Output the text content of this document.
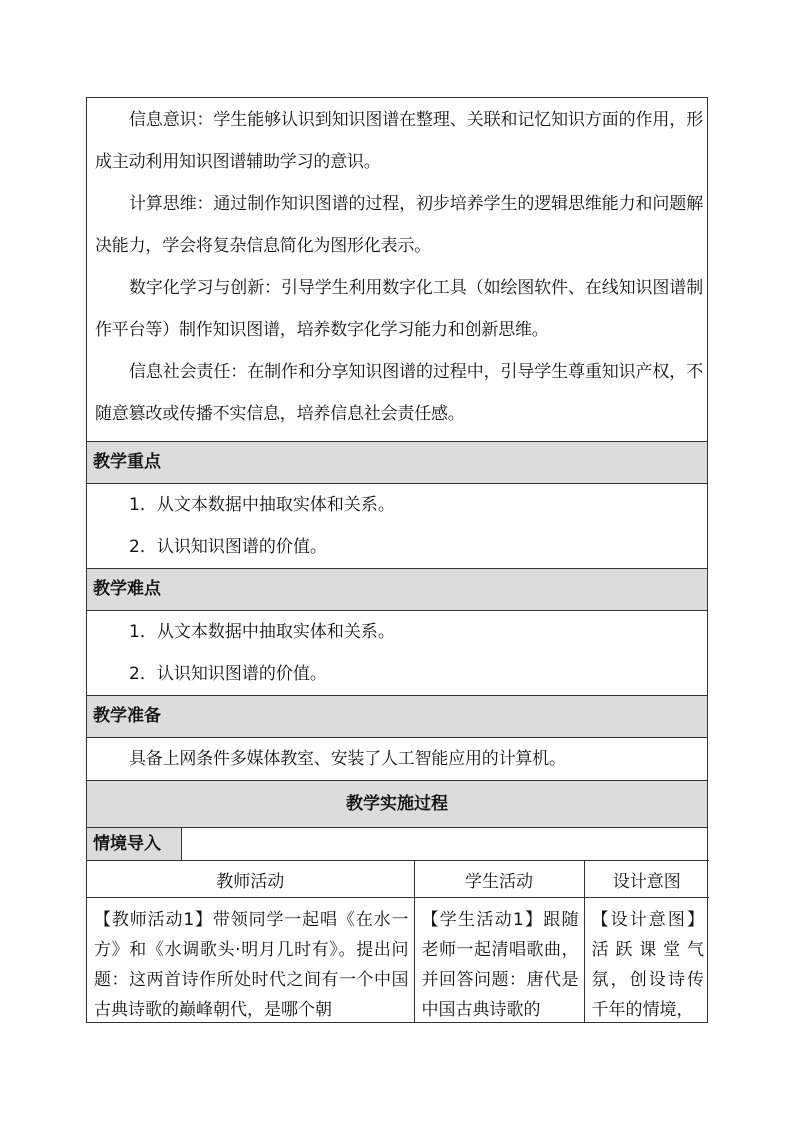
信息意识：学生能够认识到知识图谱在整理、关联和记忆知识方面的作用，形成主动利用知识图谱辅助学习的意识。

计算思维：通过制作知识图谱的过程，初步培养学生的逻辑思维能力和问题解决能力，学会将复杂信息简化为图形化表示。

数字化学习与创新：引导学生利用数字化工具（如绘图软件、在线知识图谱制作平台等）制作知识图谱，培养数字化学习能力和创新思维。

信息社会责任：在制作和分享知识图谱的过程中，引导学生尊重知识产权，不随意篡改或传播不实信息，培养信息社会责任感。

教学重点

1．从文本数据中抽取实体和关系。

2．认识知识图谱的价值。

教学难点

1．从文本数据中抽取实体和关系。

2．认识知识图谱的价值。

教学准备

具备上网条件多媒体教室、安装了人工智能应用的计算机。

教学实施过程
情境导入
教师活动	学生活动	设计意图

【教师活动1】带领同学一起唱《在水一方》和《水调歌头·明月几时有》。提出问题：这两首诗作所处时代之间有一个中国古典诗歌的巅峰朝代，是哪个朝	【学生活动1】跟随老师一起清唱歌曲，并回答问题：唐代是中国古典诗歌的	【设计意图】活跃课堂气氛，创设诗传千年的情境，
